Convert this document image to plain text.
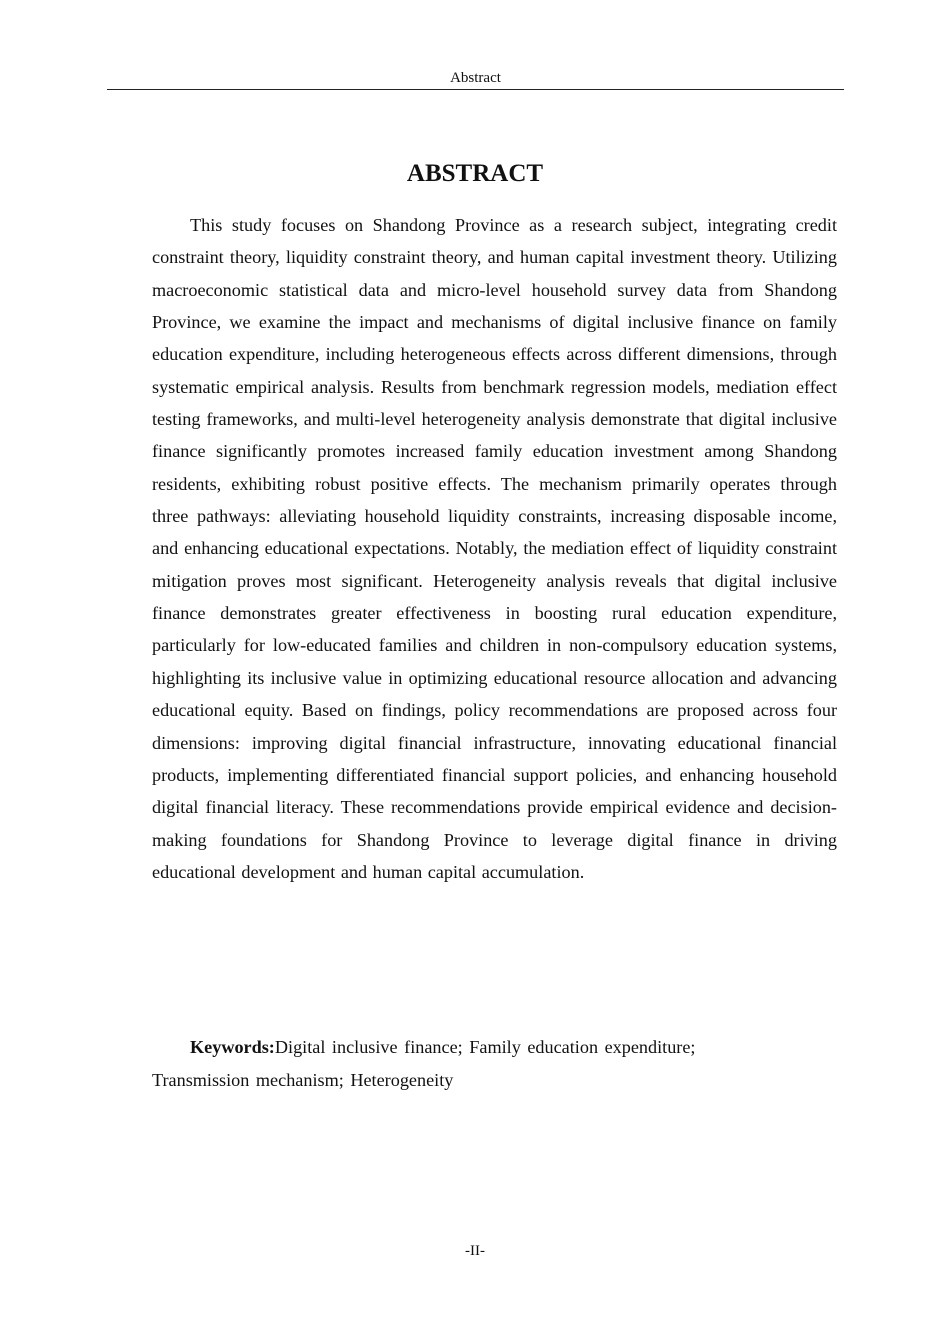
Abstract
ABSTRACT

This study focuses on Shandong Province as a research subject, integrating credit constraint theory, liquidity constraint theory, and human capital investment theory. Utilizing macroeconomic statistical data and micro-level household survey data from Shandong Province, we examine the impact and mechanisms of digital inclusive finance on family education expenditure, including heterogeneous effects across different dimensions, through systematic empirical analysis. Results from benchmark regression models, mediation effect testing frameworks, and multi-level heterogeneity analysis demonstrate that digital inclusive finance significantly promotes increased family education investment among Shandong residents, exhibiting robust positive effects. The mechanism primarily operates through three pathways: alleviating household liquidity constraints, increasing disposable income, and enhancing educational expectations. Notably, the mediation effect of liquidity constraint mitigation proves most significant. Heterogeneity analysis reveals that digital inclusive finance demonstrates greater effectiveness in boosting rural education expenditure, particularly for low-educated families and children in non-compulsory education systems, highlighting its inclusive value in optimizing educational resource allocation and advancing educational equity. Based on findings, policy recommendations are proposed across four dimensions: improving digital financial infrastructure, innovating educational financial products, implementing differentiated financial support policies, and enhancing household digital financial literacy. These recommendations provide empirical evidence and decision-making foundations for Shandong Province to leverage digital finance in driving educational development and human capital accumulation.

Keywords:Digital inclusive finance; Family education expenditure; Transmission mechanism; Heterogeneity

-II-
